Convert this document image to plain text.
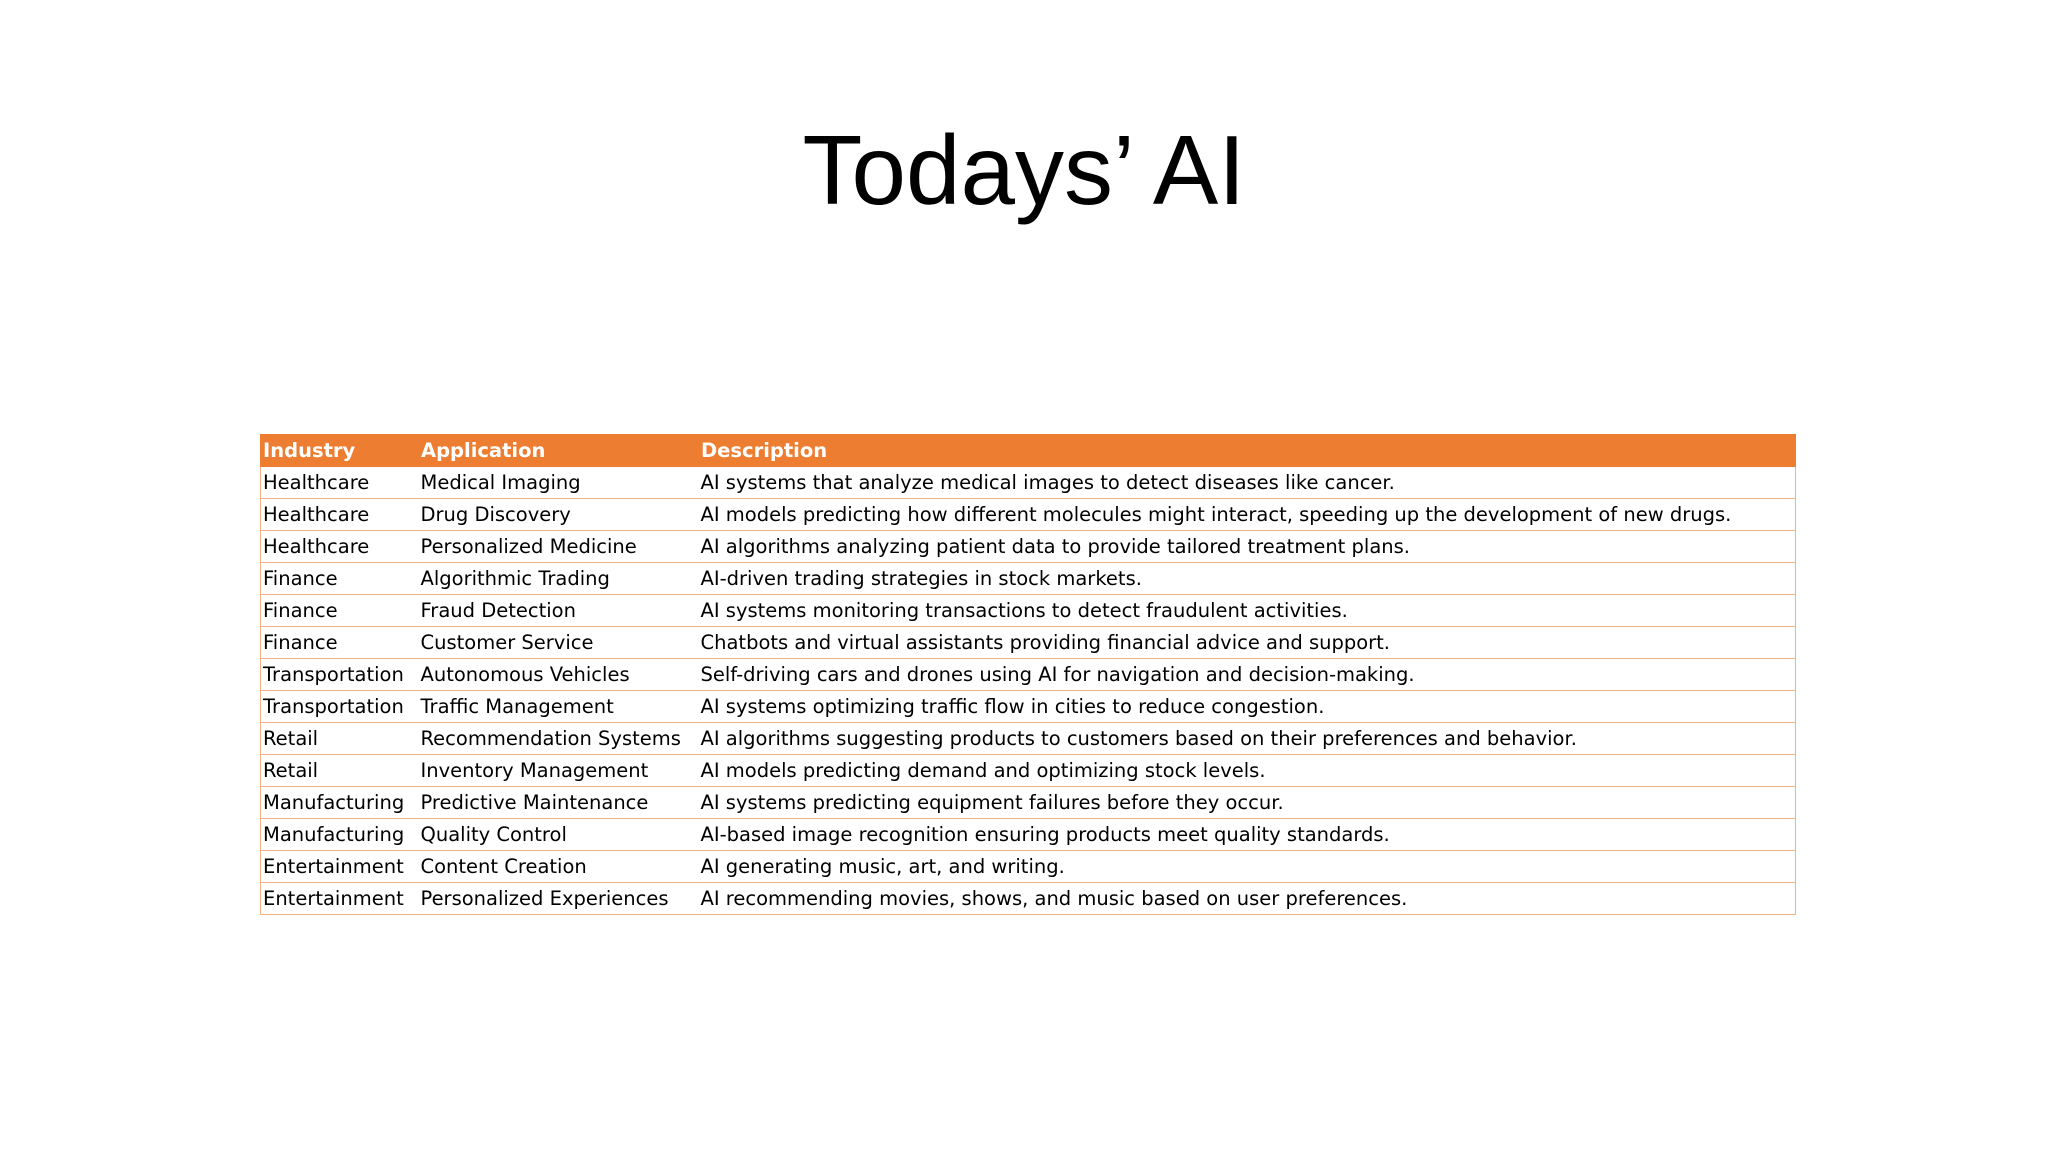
Todays’ AI
Industry	Application	Description
Healthcare	Medical Imaging	AI systems that analyze medical images to detect diseases like cancer.
Healthcare	Drug Discovery	AI models predicting how different molecules might interact, speeding up the development of new drugs.
Healthcare	Personalized Medicine	AI algorithms analyzing patient data to provide tailored treatment plans.
Finance	Algorithmic Trading	AI-driven trading strategies in stock markets.
Finance	Fraud Detection	AI systems monitoring transactions to detect fraudulent activities.
Finance	Customer Service	Chatbots and virtual assistants providing financial advice and support.
Transportation	Autonomous Vehicles	Self-driving cars and drones using AI for navigation and decision-making.
Transportation	Traffic Management	AI systems optimizing traffic flow in cities to reduce congestion.
Retail	Recommendation Systems	AI algorithms suggesting products to customers based on their preferences and behavior.
Retail	Inventory Management	AI models predicting demand and optimizing stock levels.
Manufacturing	Predictive Maintenance	AI systems predicting equipment failures before they occur.
Manufacturing	Quality Control	AI-based image recognition ensuring products meet quality standards.
Entertainment	Content Creation	AI generating music, art, and writing.
Entertainment	Personalized Experiences	AI recommending movies, shows, and music based on user preferences.
